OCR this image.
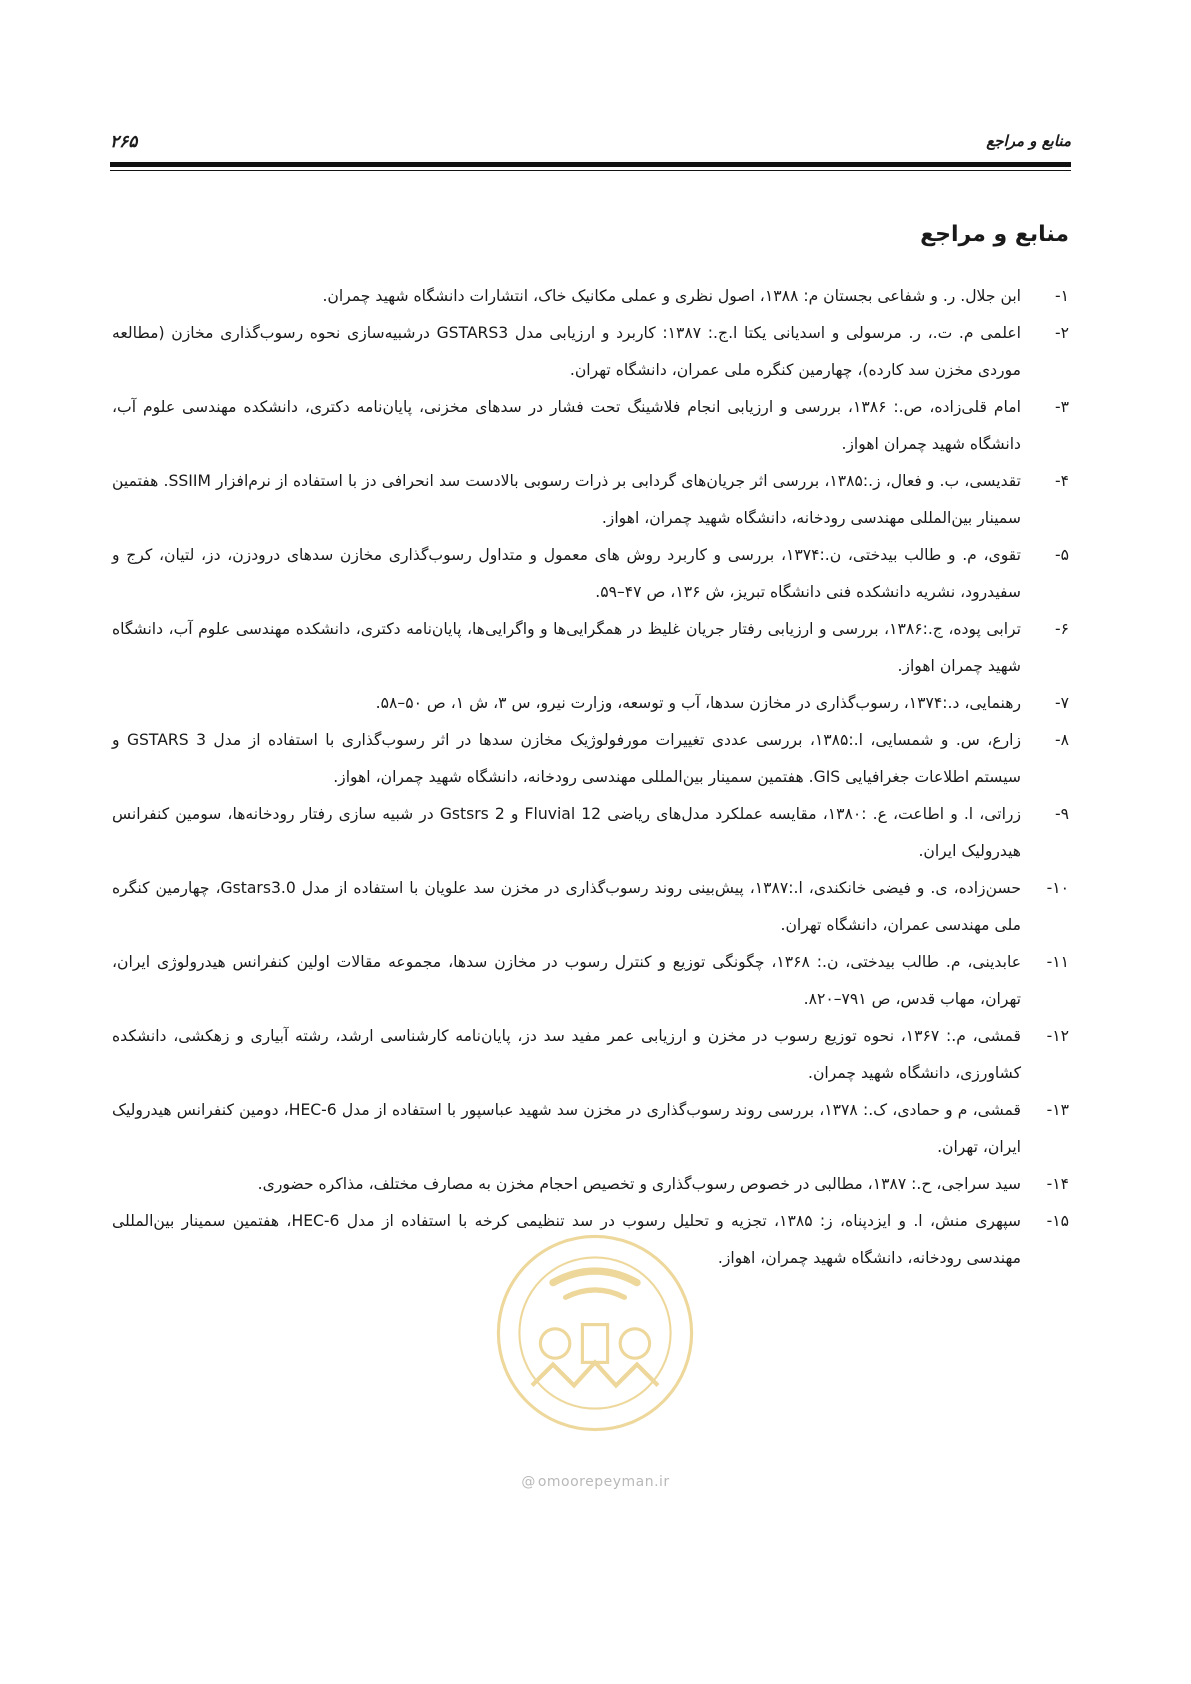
منابع و مراجع
۲۶۵
منابع و مراجع
۱-
ابن جلال. ر. و شفاعی بجستان م: ۱۳۸۸، اصول نظری و عملی مکانیک خاک، انتشارات دانشگاه شهید چمران.
۲-
اعلمی م. ت.، ر. مرسولی و اسدیانی یکتا ا.ج.: ۱۳۸۷: کاربرد و ارزیابی مدل GSTARS3 درشبیه‌سازی نحوه رسوب‌گذاری مخازن (مطالعه موردی مخزن سد کارده)، چهارمین کنگره ملی عمران، دانشگاه تهران.
۳-
امام قلی‌زاده، ص.: ۱۳۸۶، بررسی و ارزیابی انجام فلاشینگ تحت فشار در سدهای مخزنی، پایان‌نامه دکتری، دانشکده مهندسی علوم آب، دانشگاه شهید چمران اهواز.
۴-
تقدیسی، ب. و فعال، ز.:۱۳۸۵، بررسی اثر جریان‌های گردابی بر ذرات رسوبی بالادست سد انحرافی دز با استفاده از نرم‌افزار SSIIM. هفتمین سمینار بین‌المللی مهندسی رودخانه، دانشگاه شهید چمران، اهواز.
۵-
تقوی، م. و طالب بیدختی، ن.:۱۳۷۴، بررسی و کاربرد روش های معمول و متداول رسوب‌گذاری مخازن سدهای درودزن، دز، لتیان، کرج و سفیدرود، نشریه دانشکده فنی دانشگاه تبریز، ش ۱۳۶، ص ۴۷–۵۹.
۶-
ترابی پوده، ج.:۱۳۸۶، بررسی و ارزیابی رفتار جریان غلیظ در همگرایی‌ها و واگرایی‌ها، پایان‌نامه دکتری، دانشکده مهندسی علوم آب، دانشگاه شهید چمران اهواز.
۷-
رهنمایی، د.:۱۳۷۴، رسوب‌گذاری در مخازن سدها، آب و توسعه، وزارت نیرو، س ۳، ش ۱، ص ۵۰–۵۸.
۸-
زارع، س. و شمسایی، ا.:۱۳۸۵، بررسی عددی تغییرات مورفولوژیک مخازن سدها در اثر رسوب‌گذاری با استفاده از مدل GSTARS 3 و سیستم اطلاعات جغرافیایی GIS. هفتمین سمینار بین‌المللی مهندسی رودخانه، دانشگاه شهید چمران، اهواز.
۹-
زراتی، ا. و اطاعت، ع. :۱۳۸۰، مقایسه عملکرد مدل‌های ریاضی Fluvial 12 و Gstsrs 2 در شبیه سازی رفتار رودخانه‌ها، سومین کنفرانس هیدرولیک ایران.
۱۰-
حسن‌زاده، ی. و فیضی خانکندی، ا.:۱۳۸۷، پیش‌بینی روند رسوب‌گذاری در مخزن سد علویان با استفاده از مدل Gstars3.0، چهارمین کنگره ملی مهندسی عمران، دانشگاه تهران.
۱۱-
عابدینی، م. طالب بیدختی، ن.: ۱۳۶۸، چگونگی توزیع و کنترل رسوب در مخازن سدها، مجموعه مقالات اولین کنفرانس هیدرولوژی ایران، تهران، مهاب قدس، ص ۷۹۱–۸۲۰.
۱۲-
قمشی، م.: ۱۳۶۷، نحوه توزیع رسوب در مخزن و ارزیابی عمر مفید سد دز، پایان‌نامه کارشناسی ارشد، رشته آبیاری و زهکشی، دانشکده کشاورزی، دانشگاه شهید چمران.
۱۳-
قمشی، م و حمادی، ک.: ۱۳۷۸، بررسی روند رسوب‌گذاری در مخزن سد شهید عباسپور با استفاده از مدل HEC-6، دومین کنفرانس هیدرولیک ایران، تهران.
۱۴-
سید سراجی، ح.: ۱۳۸۷، مطالبی در خصوص رسوب‌گذاری و تخصیص احجام مخزن به مصارف مختلف، مذاکره حضوری.
۱۵-
سپهری منش، ا. و ایزدپناه، ز: ۱۳۸۵، تجزیه و تحلیل رسوب در سد تنظیمی کرخه با استفاده از مدل HEC-6، هفتمین سمینار بین‌المللی مهندسی رودخانه، دانشگاه شهید چمران، اهواز.
@ omoorepeyman.ir
